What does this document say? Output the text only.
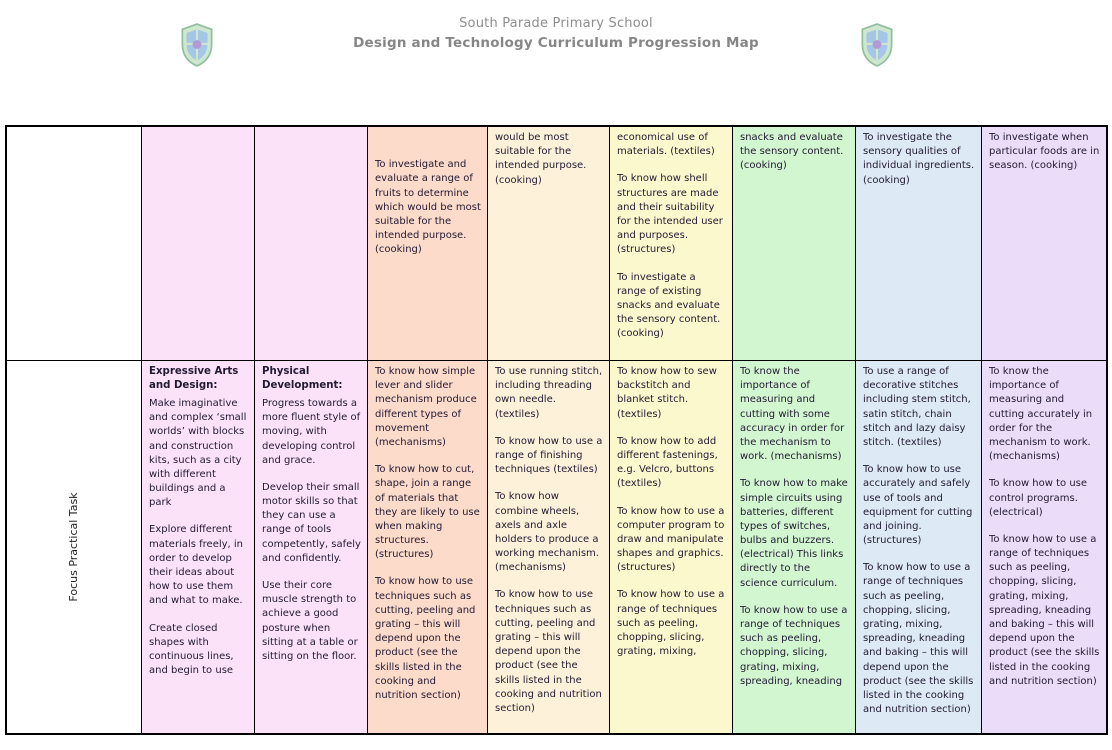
South Parade Primary School
Design and Technology Curriculum Progression Map

To investigate and evaluate a range of fruits to determine which would be most suitable for the intended purpose. (cooking)

would be most suitable for the intended purpose. (cooking)

economical use of materials. (textiles)

To know how shell structures are made and their suitability for the intended user and purposes. (structures)

To investigate a range of existing snacks and evaluate the sensory content. (cooking)

snacks and evaluate the sensory content. (cooking)

To investigate the sensory qualities of individual ingredients. (cooking)

To investigate when particular foods are in season. (cooking)

Focus Practical Task

Expressive Arts and Design:

Make imaginative and complex ‘small worlds’ with blocks and construction kits, such as a city with different buildings and a park

Explore different materials freely, in order to develop their ideas about how to use them and what to make.

Create closed shapes with continuous lines, and begin to use

Physical Development:

Progress towards a more fluent style of moving, with developing control and grace.

Develop their small motor skills so that they can use a range of tools competently, safely and confidently.

Use their core muscle strength to achieve a good posture when sitting at a table or sitting on the floor.

To know how simple lever and slider mechanism produce different types of movement (mechanisms)

To know how to cut, shape, join a range of materials that they are likely to use when making structures. (structures)

To know how to use techniques such as cutting, peeling and grating – this will depend upon the product (see the skills listed in the cooking and nutrition section)

To use running stitch, including threading own needle. (textiles)

To know how to use a range of finishing techniques (textiles)

To know how combine wheels, axels and axle holders to produce a working mechanism. (mechanisms)

To know how to use techniques such as cutting, peeling and grating – this will depend upon the product (see the skills listed in the cooking and nutrition section)

To know how to sew backstitch and blanket stitch. (textiles)

To know how to add different fastenings, e.g. Velcro, buttons (textiles)

To know how to use a computer program to draw and manipulate shapes and graphics. (structures)

To know how to use a range of techniques such as peeling, chopping, slicing, grating, mixing,

To know the importance of measuring and cutting with some accuracy in order for the mechanism to work. (mechanisms)

To know how to make simple circuits using batteries, different types of switches, bulbs and buzzers. (electrical) This links directly to the science curriculum.

To know how to use a range of techniques such as peeling, chopping, slicing, grating, mixing, spreading, kneading

To use a range of decorative stitches including stem stitch, satin stitch, chain stitch and lazy daisy stitch. (textiles)

To know how to use accurately and safely use of tools and equipment for cutting and joining. (structures)

To know how to use a range of techniques such as peeling, chopping, slicing, grating, mixing, spreading, kneading and baking – this will depend upon the product (see the skills listed in the cooking and nutrition section)

To know the importance of measuring and cutting accurately in order for the mechanism to work. (mechanisms)

To know how to use control programs. (electrical)

To know how to use a range of techniques such as peeling, chopping, slicing, grating, mixing, spreading, kneading and baking – this will depend upon the product (see the skills listed in the cooking and nutrition section)
